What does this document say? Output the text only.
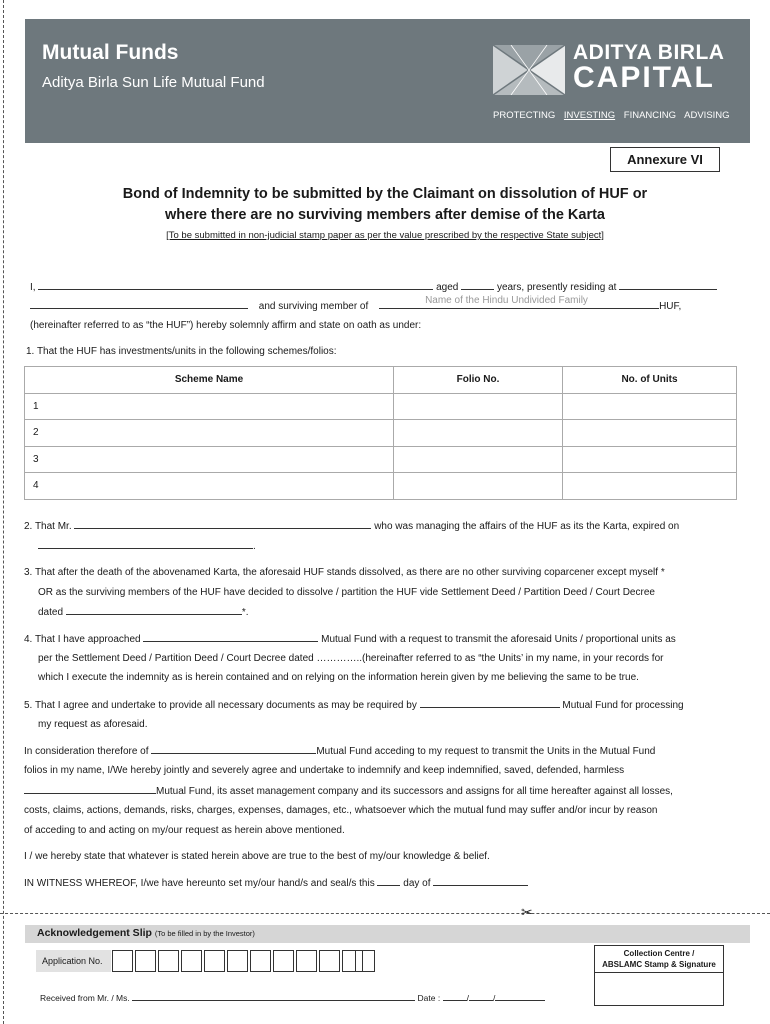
Mutual Funds
Aditya Birla Sun Life Mutual Fund
ADITYA BIRLA
CAPITAL
PROTECTING INVESTING FINANCING ADVISING
Annexure VI
Bond of Indemnity to be submitted by the Claimant on dissolution of HUF or
where there are no surviving members after demise of the Karta
[To be submitted in non-judicial stamp paper as per the value prescribed by the respective State subject]
I,	aged	years, presently residing at
and surviving member of
Name of the Hindu Undivided Family
HUF,
(hereinafter referred to as “the HUF”) hereby solemnly affirm and state on oath as under:
1. That the HUF has investments/units in the following schemes/folios:
Scheme Name	Folio No.	No. of Units
1		
2		
3		
4		
2. That Mr.	who was managing the affairs of the HUF as its the Karta, expired on
.
3. That after the death of the abovenamed Karta, the aforesaid HUF stands dissolved, as there are no other surviving coparcener except myself *
OR as the surviving members of the HUF have decided to dissolve / partition the HUF vide Settlement Deed / Partition Deed / Court Decree
dated	*.
4. That I have approached	Mutual Fund with a request to transmit the aforesaid Units / proportional units as
per the Settlement Deed / Partition Deed / Court Decree dated …………..(hereinafter referred to as “the Units’ in my name, in your records for
which I execute the indemnity as is herein contained and on relying on the information herein given by me believing the same to be true.
5. That I agree and undertake to provide all necessary documents as may be required by	Mutual Fund for processing
my request as aforesaid.
In consideration therefore of	Mutual Fund acceding to my request to transmit the Units in the Mutual Fund
folios in my name, I/We hereby jointly and severely agree and undertake to indemnify and keep indemnified, saved, defended, harmless
Mutual Fund, its asset management company and its successors and assigns for all time hereafter against all losses,
costs, claims, actions, demands, risks, charges, expenses, damages, etc., whatsoever which the mutual fund may suffer and/or incur by reason
of acceding to and acting on my/our request as herein above mentioned.
I / we hereby state that whatever is stated herein above are true to the best of my/our knowledge & belief.
IN WITNESS WHEREOF, I/we have hereunto set my/our hand/s and seal/s this	day of
✂
Acknowledgement Slip (To be filled in by the Investor)
Application No.
Collection Centre /
ABSLAMC Stamp & Signature
Received from Mr. / Ms.	Date :	/	/
